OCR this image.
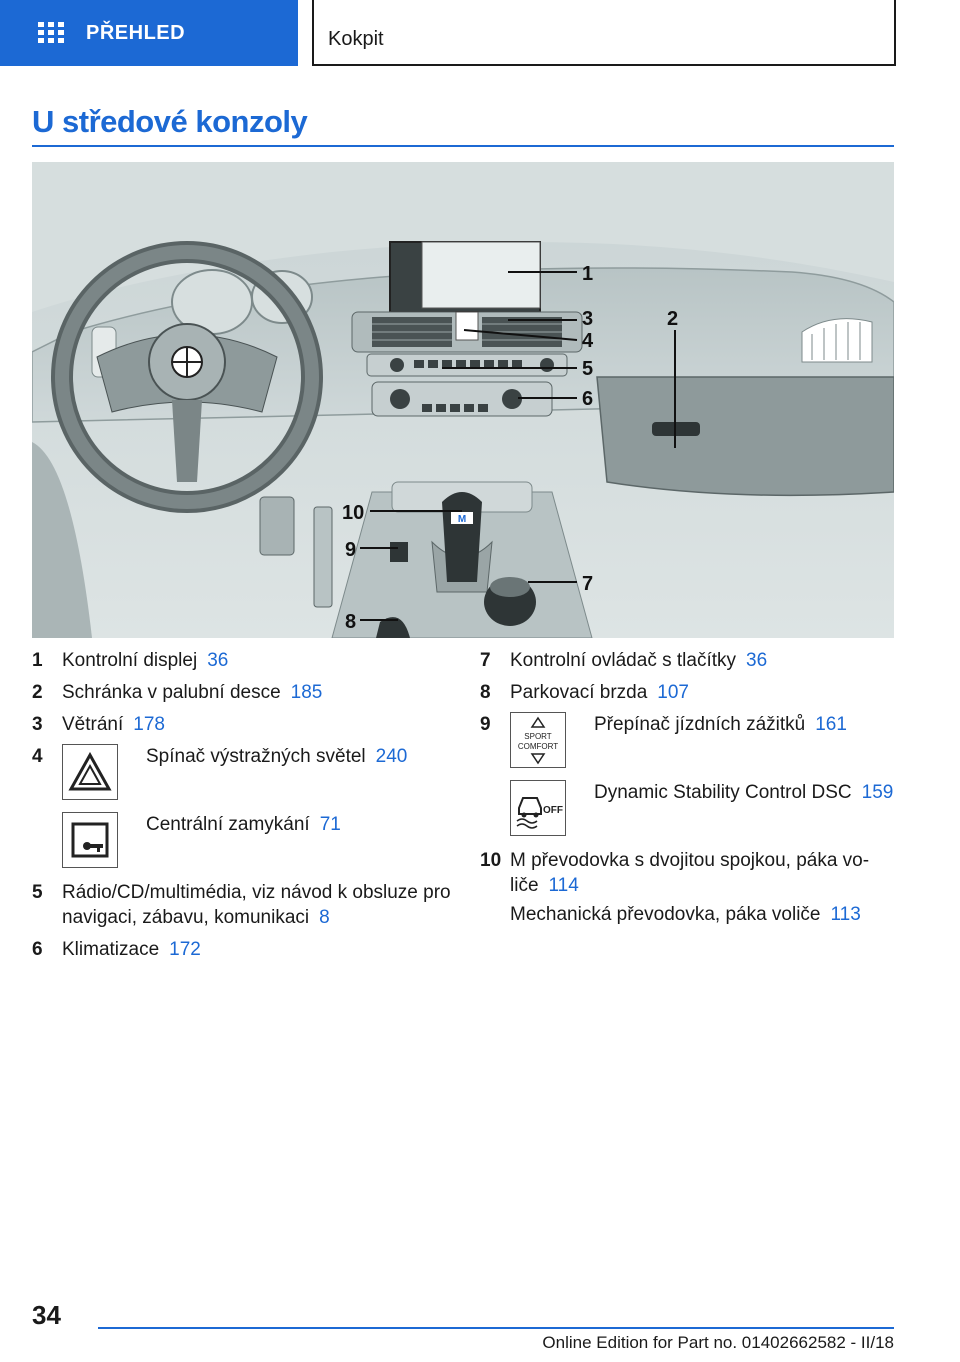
PŘEHLED	Kokpit
U středové konzoly
M
1
2
3
4
5
6
7
8
9
10
1 Kontrolní displej 36
2 Schránka v palubní desce 185
3 Větrání 178
4	Spínač výstražných světel 240
Centrální zamykání 71
5 Rádio/CD/multimédia, viz návod k obsluze pro navigaci, zábavu, komunikaci 8
6 Klimatizace 172
7 Kontrolní ovládač s tlačítky 36
8 Parkovací brzda 107
9
SPORT
COMFORT
Přepínač jízdních zážitků 161
OFF
Dynamic Stability Control DSC 159
10 M převodovka s dvojitou spojkou, páka vo‐liče 114
Mechanická převodovka, páka voliče 113
34
Online Edition for Part no. 01402662582 - II/18
